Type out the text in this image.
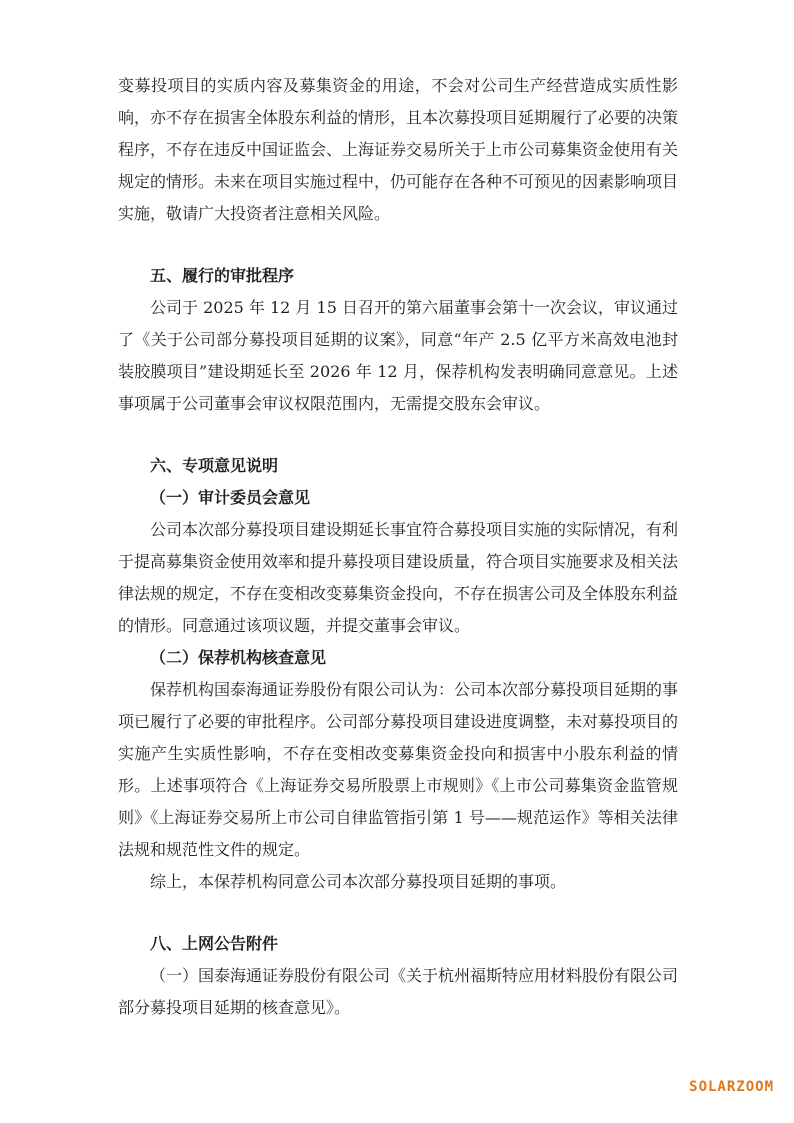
变募投项目的实质内容及募集资金的用途，不会对公司生产经营造成实质性影响，亦不存在损害全体股东利益的情形，且本次募投项目延期履行了必要的决策程序，不存在违反中国证监会、上海证券交易所关于上市公司募集资金使用有关规定的情形。未来在项目实施过程中，仍可能存在各种不可预见的因素影响项目实施，敬请广大投资者注意相关风险。

五、履行的审批程序

公司于 2025 年 12 月 15 日召开的第六届董事会第十一次会议，审议通过了《关于公司部分募投项目延期的议案》，同意“年产 2.5 亿平方米高效电池封装胶膜项目”建设期延长至 2026 年 12 月，保荐机构发表明确同意意见。上述事项属于公司董事会审议权限范围内，无需提交股东会审议。

六、专项意见说明

（一）审计委员会意见

公司本次部分募投项目建设期延长事宜符合募投项目实施的实际情况，有利于提高募集资金使用效率和提升募投项目建设质量，符合项目实施要求及相关法律法规的规定，不存在变相改变募集资金投向，不存在损害公司及全体股东利益的情形。同意通过该项议题，并提交董事会审议。

（二）保荐机构核查意见

保荐机构国泰海通证券股份有限公司认为：公司本次部分募投项目延期的事项已履行了必要的审批程序。公司部分募投项目建设进度调整，未对募投项目的实施产生实质性影响，不存在变相改变募集资金投向和损害中小股东利益的情形。上述事项符合《上海证券交易所股票上市规则》《上市公司募集资金监管规则》《上海证券交易所上市公司自律监管指引第 1 号——规范运作》等相关法律法规和规范性文件的规定。

综上，本保荐机构同意公司本次部分募投项目延期的事项。

八、上网公告附件

（一）国泰海通证券股份有限公司《关于杭州福斯特应用材料股份有限公司部分募投项目延期的核查意见》。

SOLARZOOM
